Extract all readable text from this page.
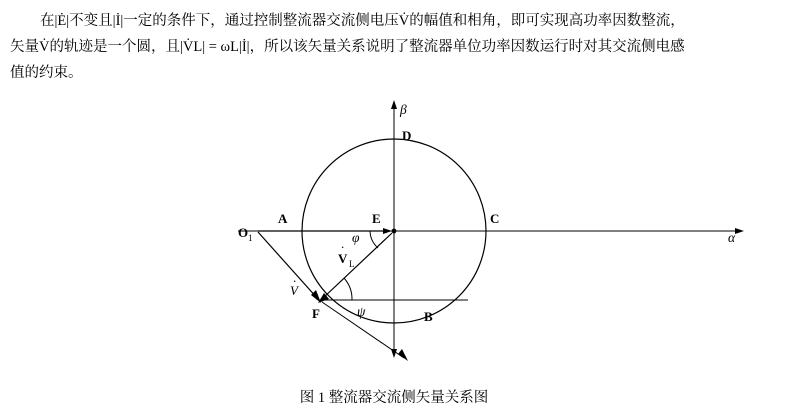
在|Ė|不变且|İ|一定的条件下，通过控制整流器交流侧电压V̇的幅值和相角，即可实现高功率因数整流，
矢量V̇的轨迹是一个圆，且|V̇L| = ωL|İ|，所以该矢量关系说明了整流器单位功率因数运行时对其交流侧电感
值的约束。
β
α
O 1
A
B
C
D
E
F
V
.
L
V
.
φ
ψ
图 1 整流器交流侧矢量关系图
